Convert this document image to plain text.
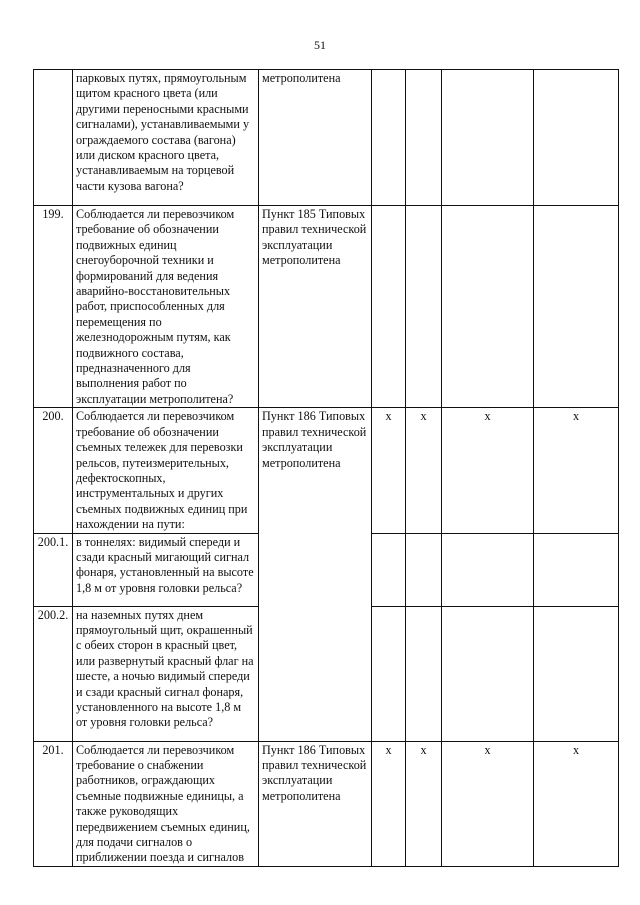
51
	парковых путях, прямоугольным щитом красного цвета (или другими переносными красными сигналами), устанавливаемыми у ограждаемого состава (вагона) или диском красного цвета, устанавливаемым на торцевой части кузова вагона?	метрополитена				
199.	Соблюдается ли перевозчиком требование об обозначении подвижных единиц снегоуборочной техники и формирований для ведения аварийно-восстановительных работ, приспособленных для перемещения по железнодорожным путям, как подвижного состава, предназначенного для выполнения работ по эксплуатации метрополитена?	Пункт 185 Типовых правил технической эксплуатации метрополитена				
200.	Соблюдается ли перевозчиком требование об обозначении съемных тележек для перевозки рельсов, путеизмерительных, дефектоскопных, инструментальных и других съемных подвижных единиц при нахождении на пути:	Пункт 186 Типовых правил технической эксплуатации метрополитена	х	х	х	х
200.1.	в тоннелях: видимый спереди и сзади красный мигающий сигнал фонаря, установленный на высоте 1,8 м от уровня головки рельса?					
200.2.	на наземных путях днем прямоугольный щит, окрашенный с обеих сторон в красный цвет, или развернутый красный флаг на шесте, а ночью видимый спереди и сзади красный сигнал фонаря, установленного на высоте 1,8 м от уровня головки рельса?					
201.	Соблюдается ли перевозчиком требование о снабжении работников, ограждающих съемные подвижные единицы, а также руководящих передвижением съемных единиц, для подачи сигналов о приближении поезда и сигналов	Пункт 186 Типовых правил технической эксплуатации метрополитена	х	х	х	х
